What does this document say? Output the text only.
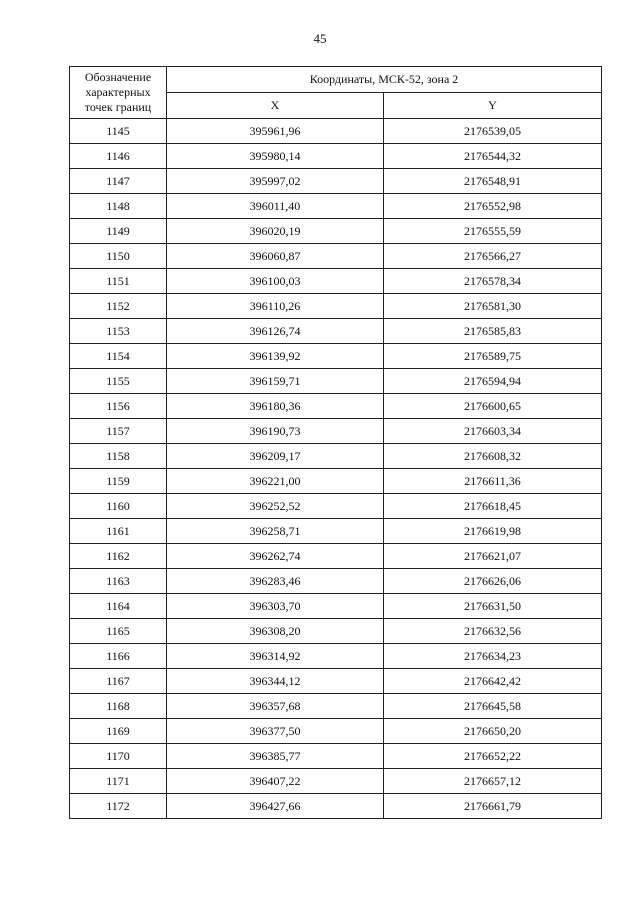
45
Обозначение характерных точек границ	Координаты, МСК-52, зона 2	
	X	Y
1145	395961,96	2176539,05
1146	395980,14	2176544,32
1147	395997,02	2176548,91
1148	396011,40	2176552,98
1149	396020,19	2176555,59
1150	396060,87	2176566,27
1151	396100,03	2176578,34
1152	396110,26	2176581,30
1153	396126,74	2176585,83
1154	396139,92	2176589,75
1155	396159,71	2176594,94
1156	396180,36	2176600,65
1157	396190,73	2176603,34
1158	396209,17	2176608,32
1159	396221,00	2176611,36
1160	396252,52	2176618,45
1161	396258,71	2176619,98
1162	396262,74	2176621,07
1163	396283,46	2176626,06
1164	396303,70	2176631,50
1165	396308,20	2176632,56
1166	396314,92	2176634,23
1167	396344,12	2176642,42
1168	396357,68	2176645,58
1169	396377,50	2176650,20
1170	396385,77	2176652,22
1171	396407,22	2176657,12
1172	396427,66	2176661,79
